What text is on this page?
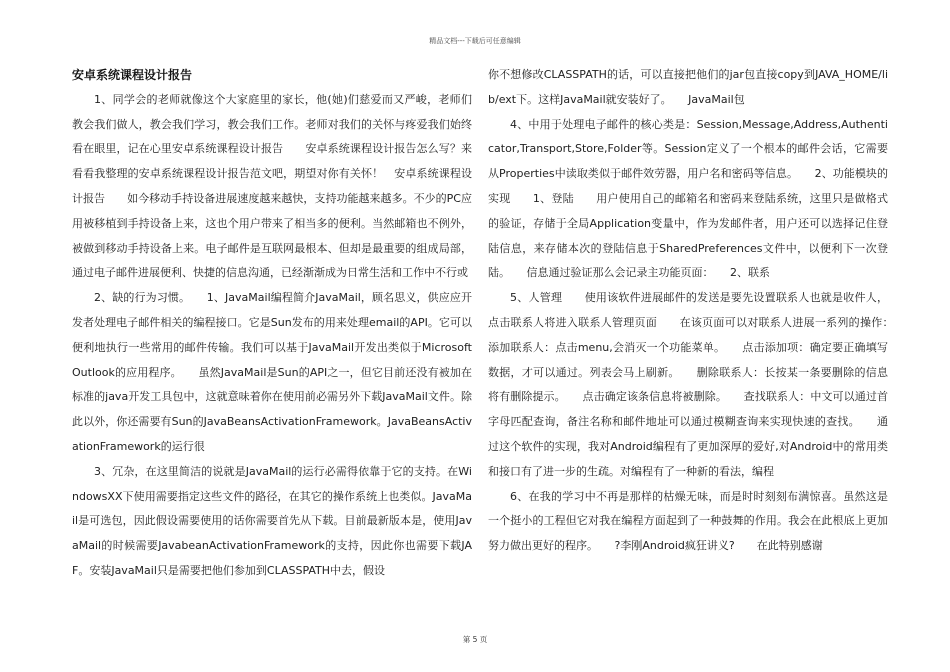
精品文档---下载后可任意编辑

安卓系统课程设计报告

1、同学会的老师就像这个大家庭里的家长，他(她)们慈爱而又严峻，老师们教会我们做人，教会我们学习，教会我们工作。老师对我们的关怀与疼爱我们始终看在眼里，记在心里安卓系统课程设计报告　　安卓系统课程设计报告怎么写？来看看我整理的安卓系统课程设计报告范文吧，期望对你有关怀！　安卓系统课程设计报告　　如今移动手持设备进展速度越来越快，支持功能越来越多。不少的PC应用被移植到手持设备上来，这也个用户带来了相当多的便利。当然邮箱也不例外，被做到移动手持设备上来。电子邮件是互联网最根本、但却是最重要的组成局部，通过电子邮件进展便利、快捷的信息沟通，已经渐渐成为日常生活和工作中不行或

2、缺的行为习惯。　　1、JavaMail编程简介JavaMail，顾名思义，供应应开发者处理电子邮件相关的编程接口。它是Sun发布的用来处理email的API。它可以便利地执行一些常用的邮件传输。我们可以基于JavaMail开发出类似于MicrosoftOutlook的应用程序。　　虽然JavaMail是Sun的API之一，但它目前还没有被加在标准的java开发工具包中，这就意味着你在使用前必需另外下载JavaMail文件。除此以外，你还需要有Sun的JavaBeansActivationFramework。JavaBeansActivationFramework的运行很

3、冗杂，在这里简洁的说就是JavaMail的运行必需得依靠于它的支持。在WindowsXX下使用需要指定这些文件的路径，在其它的操作系统上也类似。JavaMail是可选包，因此假设需要使用的话你需要首先从下载。目前最新版本是，使用JavaMail的时候需要JavabeanActivationFramework的支持，因此你也需要下载JAF。安装JavaMail只是需要把他们参加到CLASSPATH中去，假设

你不想修改CLASSPATH的话，可以直接把他们的jar包直接copy到JAVA_HOME/lib/ext下。这样JavaMail就安装好了。　　JavaMail包

4、中用于处理电子邮件的核心类是：Session,Message,Address,Authenticator,Transport,Store,Folder等。Session定义了一个根本的邮件会话，它需要从Properties中读取类似于邮件效劳器，用户名和密码等信息。　　2、功能模块的实现　　1、登陆　　用户使用自己的邮箱名和密码来登陆系统，这里只是做格式的验证，存储于全局Application变量中，作为发邮件者，用户还可以选择记住登陆信息，来存储本次的登陆信息于SharedPreferences文件中，以便利下一次登陆。　　信息通过验证那么会记录主功能页面：　　2、联系

5、人管理　　使用该软件进展邮件的发送是要先设置联系人也就是收件人，点击联系人将进入联系人管理页面　　在该页面可以对联系人进展一系列的操作：　　添加联系人：点击menu,会消灭一个功能菜单。　　点击添加项：确定要正确填写数据，才可以通过。列表会马上刷新。　　删除联系人：长按某一条要删除的信息将有删除提示。　　点击确定该条信息将被删除。　　查找联系人：中文可以通过首字母匹配查询，备注名称和邮件地址可以通过模糊查询来实现快速的查找。　　通过这个软件的实现，我对Android编程有了更加深厚的爱好,对Android中的常用类和接口有了进一步的生疏。对编程有了一种新的看法，编程

6、在我的学习中不再是那样的枯燥无味，而是时时刻刻布满惊喜。虽然这是一个挺小的工程但它对我在编程方面起到了一种鼓舞的作用。我会在此根底上更加努力做出更好的程序。　　?李刚Android疯狂讲义?　　在此特别感谢

第 5 页
